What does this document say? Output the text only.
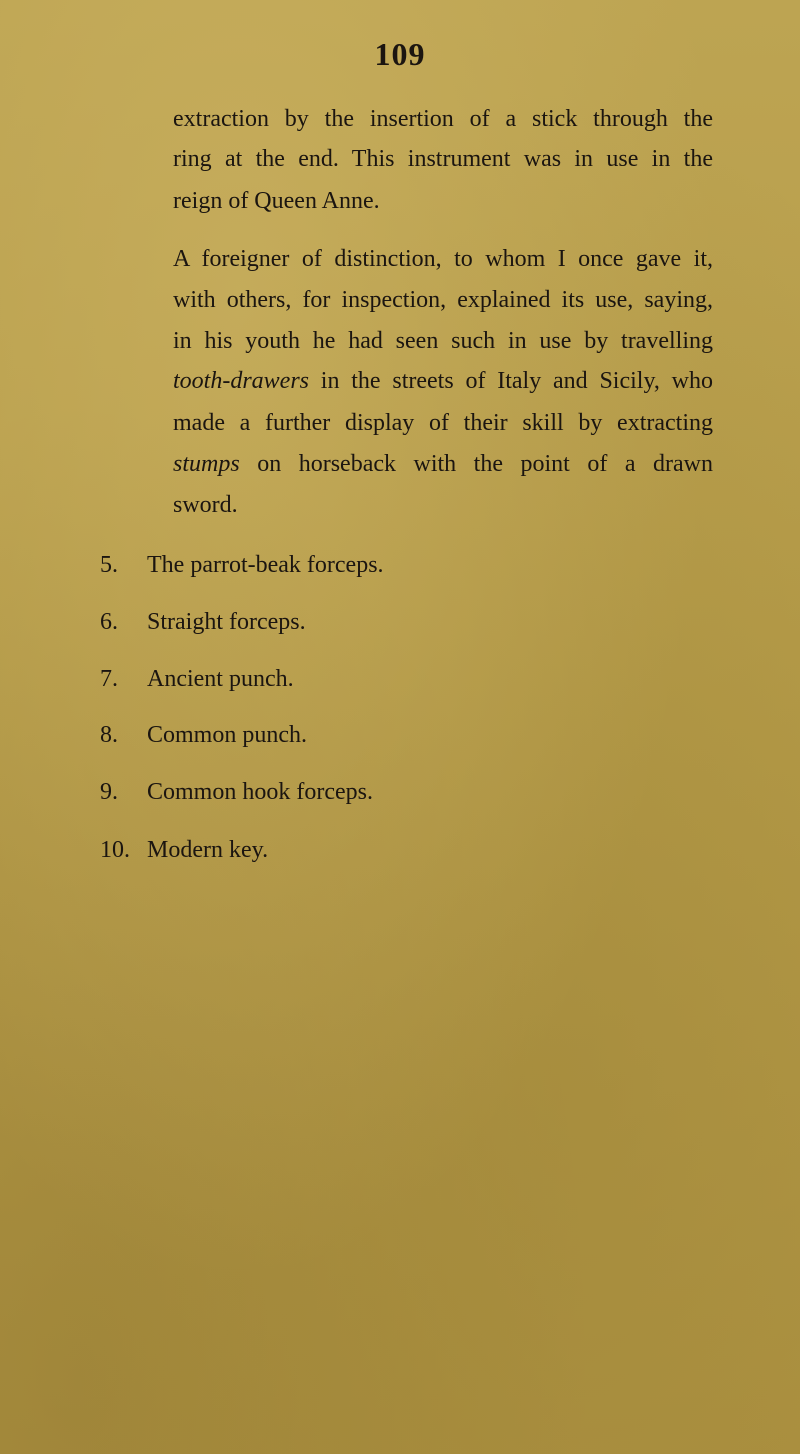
109
extraction by the insertion of a stick through the
ring at the end. This instrument was in use in the
reign of Queen Anne.
A foreigner of distinction, to whom I once gave it,
with others, for inspection, explained its use, saying,
in his youth he had seen such in use by travelling
tooth-drawers in the streets of Italy and Sicily, who
made a further display of their skill by extracting
stumps on horseback with the point of a drawn
sword.
5.	The parrot-beak forceps.
6.	Straight forceps.
7.	Ancient punch.
8.	Common punch.
9.	Common hook forceps.
10. Modern key.
